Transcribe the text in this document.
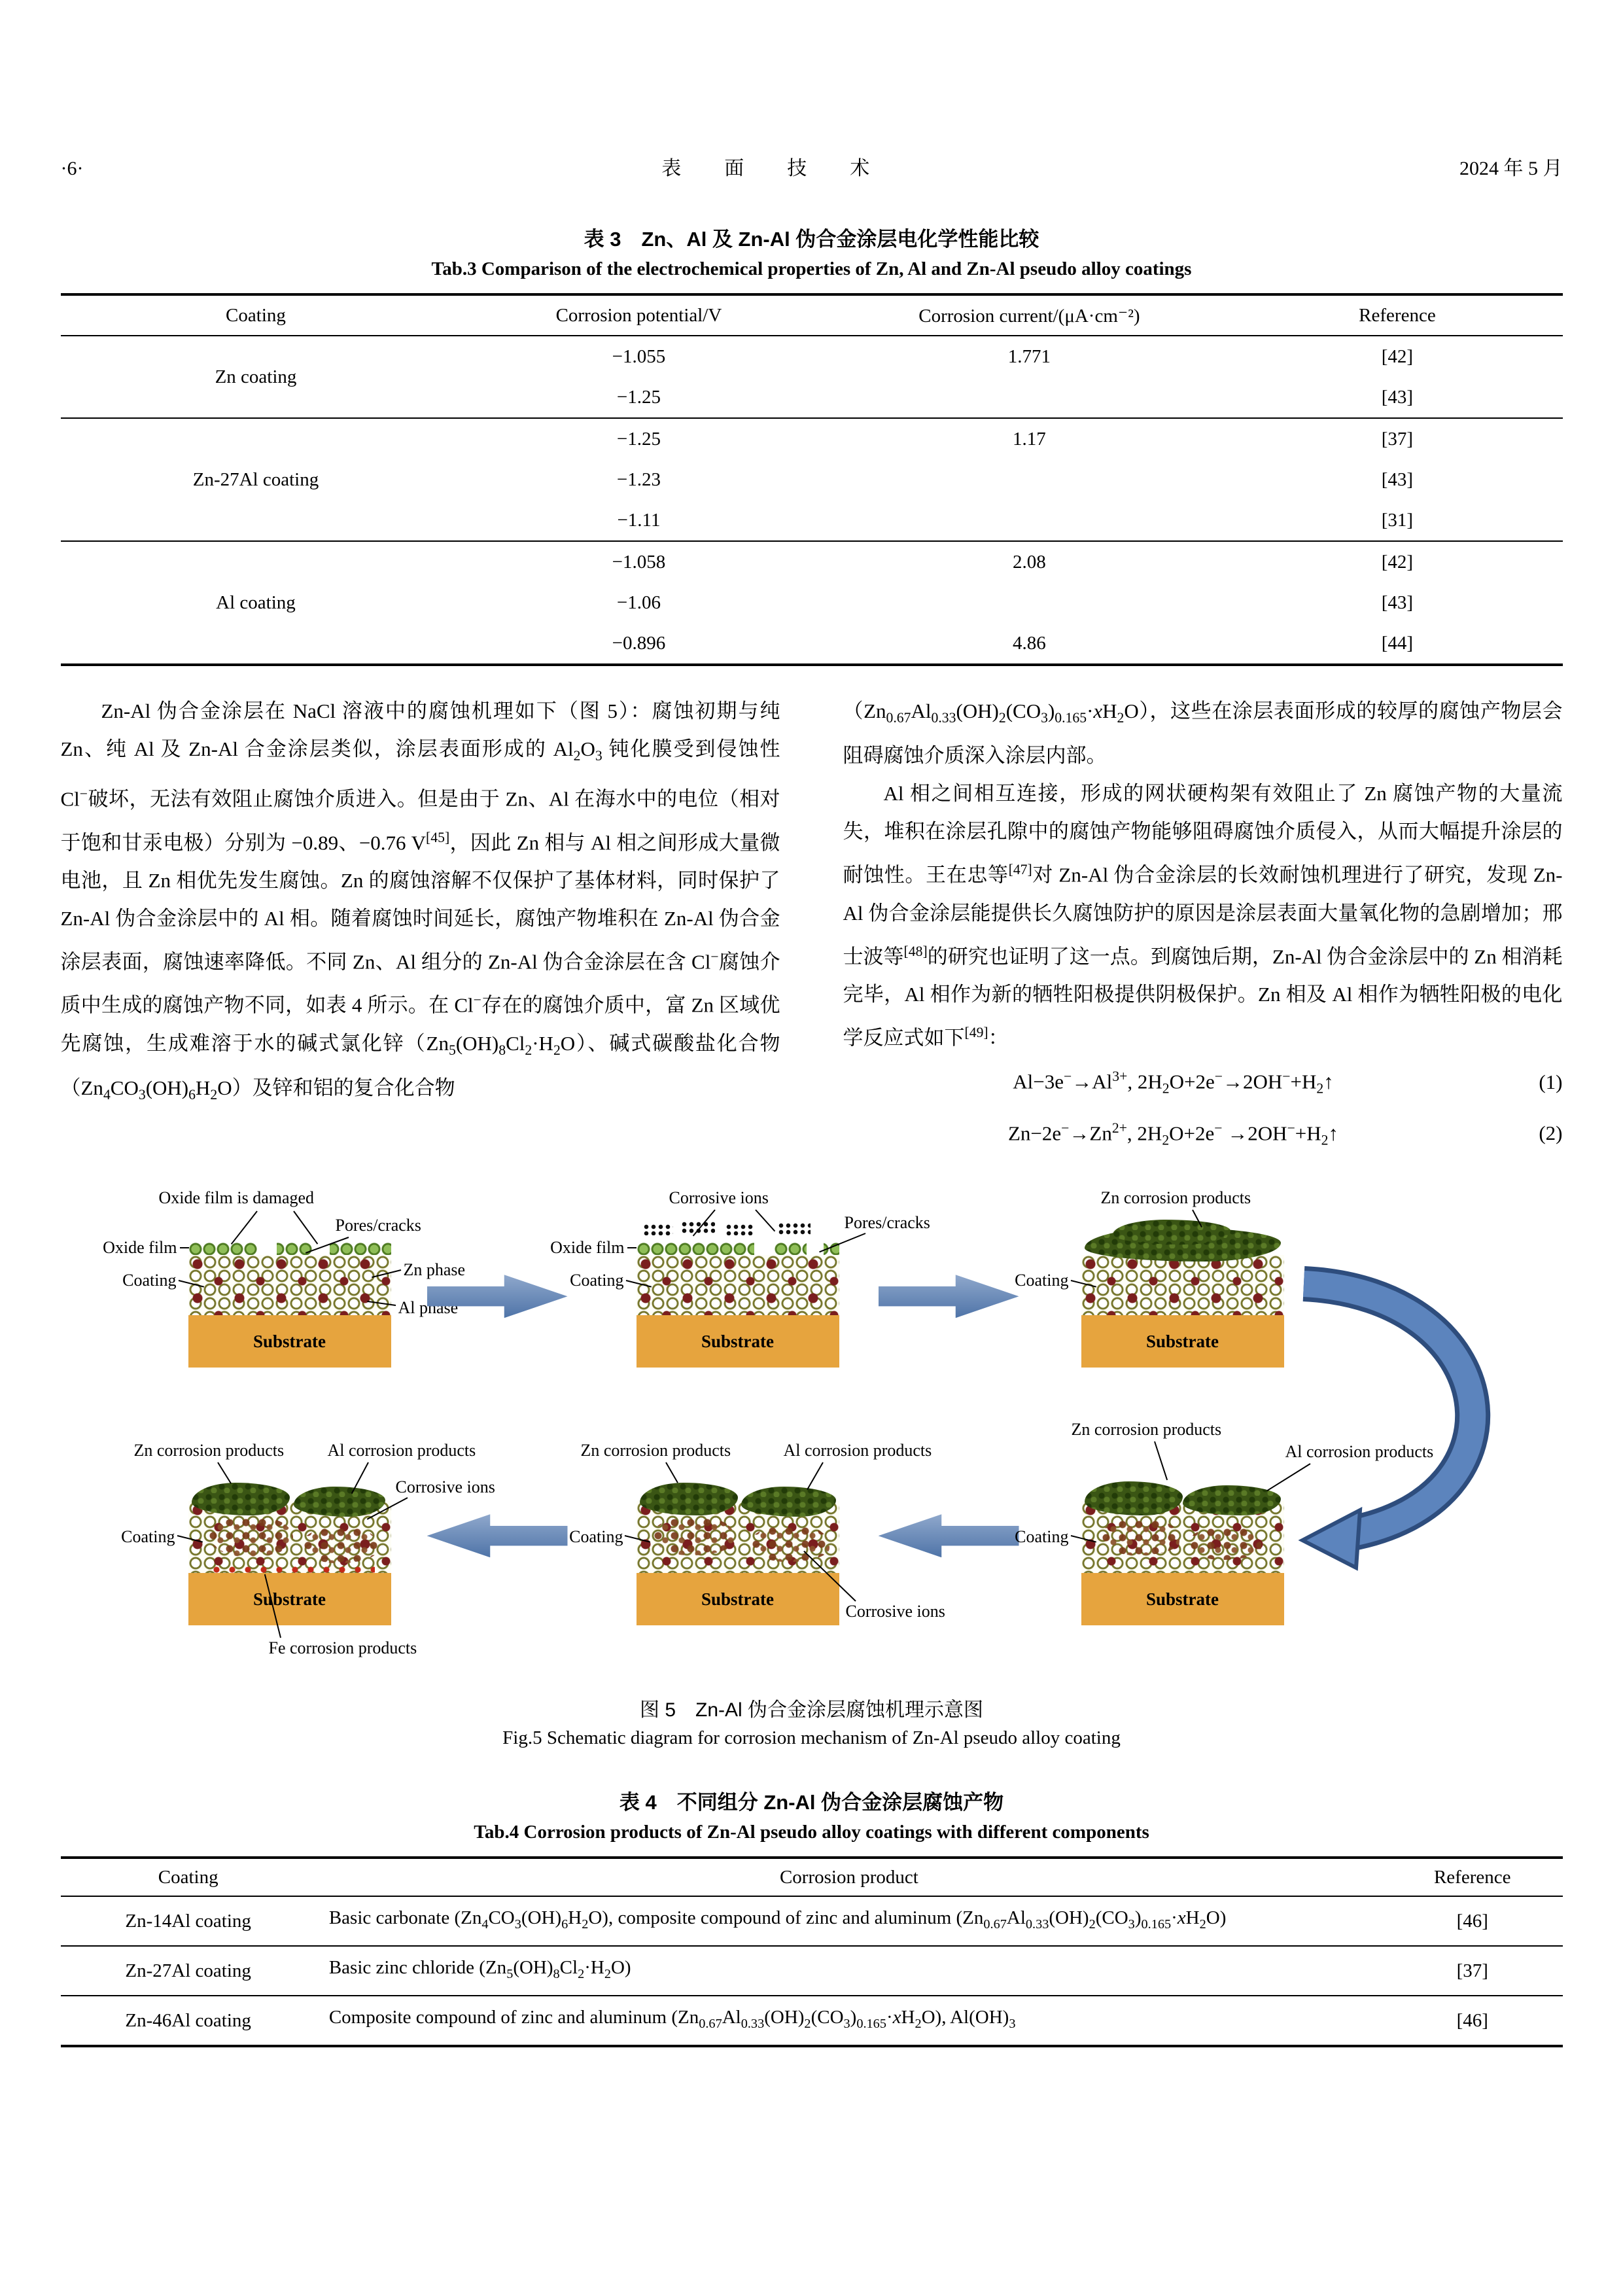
·6·	表　面　技　术	2024 年 5 月
表 3　Zn、Al 及 Zn-Al 伪合金涂层电化学性能比较
Tab.3 Comparison of the electrochemical properties of Zn, Al and Zn-Al pseudo alloy coatings
Coating	Corrosion potential/V	Corrosion current/(μA·cm⁻²)	Reference
Zn coating	−1.055	1.771	[42]
	−1.25		[43]
Zn-27Al coating	−1.25	1.17	[37]
	−1.23		[43]
	−1.11		[31]
Al coating	−1.058	2.08	[42]
	−1.06		[43]
	−0.896	4.86	[44]

Zn-Al 伪合金涂层在 NaCl 溶液中的腐蚀机理如下（图 5）：腐蚀初期与纯 Zn、纯 Al 及 Zn-Al 合金涂层类似，涂层表面形成的 $Al_2O_3$ 钝化膜受到侵蚀性 Cl−破坏，无法有效阻止腐蚀介质进入。但是由于 Zn、Al 在海水中的电位（相对于饱和甘汞电极）分别为 −0.89、−0.76 V[45]，因此 Zn 相与 Al 相之间形成大量微电池，且 Zn 相优先发生腐蚀。Zn 的腐蚀溶解不仅保护了基体材料，同时保护了 Zn-Al 伪合金涂层中的 Al 相。随着腐蚀时间延长，腐蚀产物堆积在 Zn-Al 伪合金涂层表面，腐蚀速率降低。不同 Zn、Al 组分的 Zn-Al 伪合金涂层在含 Cl−腐蚀介质中生成的腐蚀产物不同，如表 4 所示。在 Cl−存在的腐蚀介质中，富 Zn 区域优先腐蚀，生成难溶于水的碱式氯化锌$(Zn_5(OH)_8Cl_2\cdot H_2O)$、碱式碳酸盐化合物$(Zn_4CO_3(OH)_6H_2O)$及锌和铝的复合化合物

$(Zn_{0.67}Al_{0.33}(OH)_2(CO_3)_{0.165}\cdot xH_2O)$，这些在涂层表面形成的较厚的腐蚀产物层会阻碍腐蚀介质深入涂层内部。

Al 相之间相互连接，形成的网状硬构架有效阻止了 Zn 腐蚀产物的大量流失，堆积在涂层孔隙中的腐蚀产物能够阻碍腐蚀介质侵入，从而大幅提升涂层的耐蚀性。王在忠等[47]对 Zn-Al 伪合金涂层的长效耐蚀机理进行了研究，发现 Zn-Al 伪合金涂层能提供长久腐蚀防护的原因是涂层表面大量氧化物的急剧增加；邢士波等[48]的研究也证明了这一点。到腐蚀后期，Zn-Al 伪合金涂层中的 Zn 相消耗完毕，Al 相作为新的牺牲阳极提供阴极保护。Zn 相及 Al 相作为牺牲阳极的电化学反应式如下[49]：

$Al-3e^-\to Al^{3+}$, $2H_2O+2e^-\to 2OH^-+H_2↑$	(1)
$Zn-2e^-\to Zn^{2+}$, $2H_2O+2e^-$ $\to 2OH^-+H_2↑$	(2)
Substrate
Oxide film is damaged
Pores/cracks
Oxide film
Coating
Zn phase
Al phase
Substrate
Corrosive ions
Pores/cracks
Oxide film
Coating
Substrate
Zn corrosion products
Coating
Substrate
Zn corrosion products	Al corrosion products
Corrosive ions
Coating
Fe corrosion products
Substrate
Zn corrosion products	Al corrosion products
Coating
Corrosive ions
Substrate
Zn corrosion products
Al corrosion products
Coating
图 5　Zn-Al 伪合金涂层腐蚀机理示意图
Fig.5 Schematic diagram for corrosion mechanism of Zn-Al pseudo alloy coating
表 4　不同组分 Zn-Al 伪合金涂层腐蚀产物
Tab.4 Corrosion products of Zn-Al pseudo alloy coatings with different components
Coating	Corrosion product	Reference
Zn-14Al coating	Basic carbonate $(Zn_4CO_3(OH)_6H_2O)$, composite compound of zinc and aluminum $(Zn_{0.67}Al_{0.33}(OH)_2(CO_3)_{0.165}\cdot xH_2O)$	[46]
Zn-27Al coating	Basic zinc chloride $(Zn_5(OH)_8Cl_2\cdot H_2O)$	[37]
Zn-46Al coating	Composite compound of zinc and aluminum $(Zn_{0.67}Al_{0.33}(OH)_2(CO_3)_{0.165}\cdot xH_2O)$, $Al(OH)_3$	[46]
